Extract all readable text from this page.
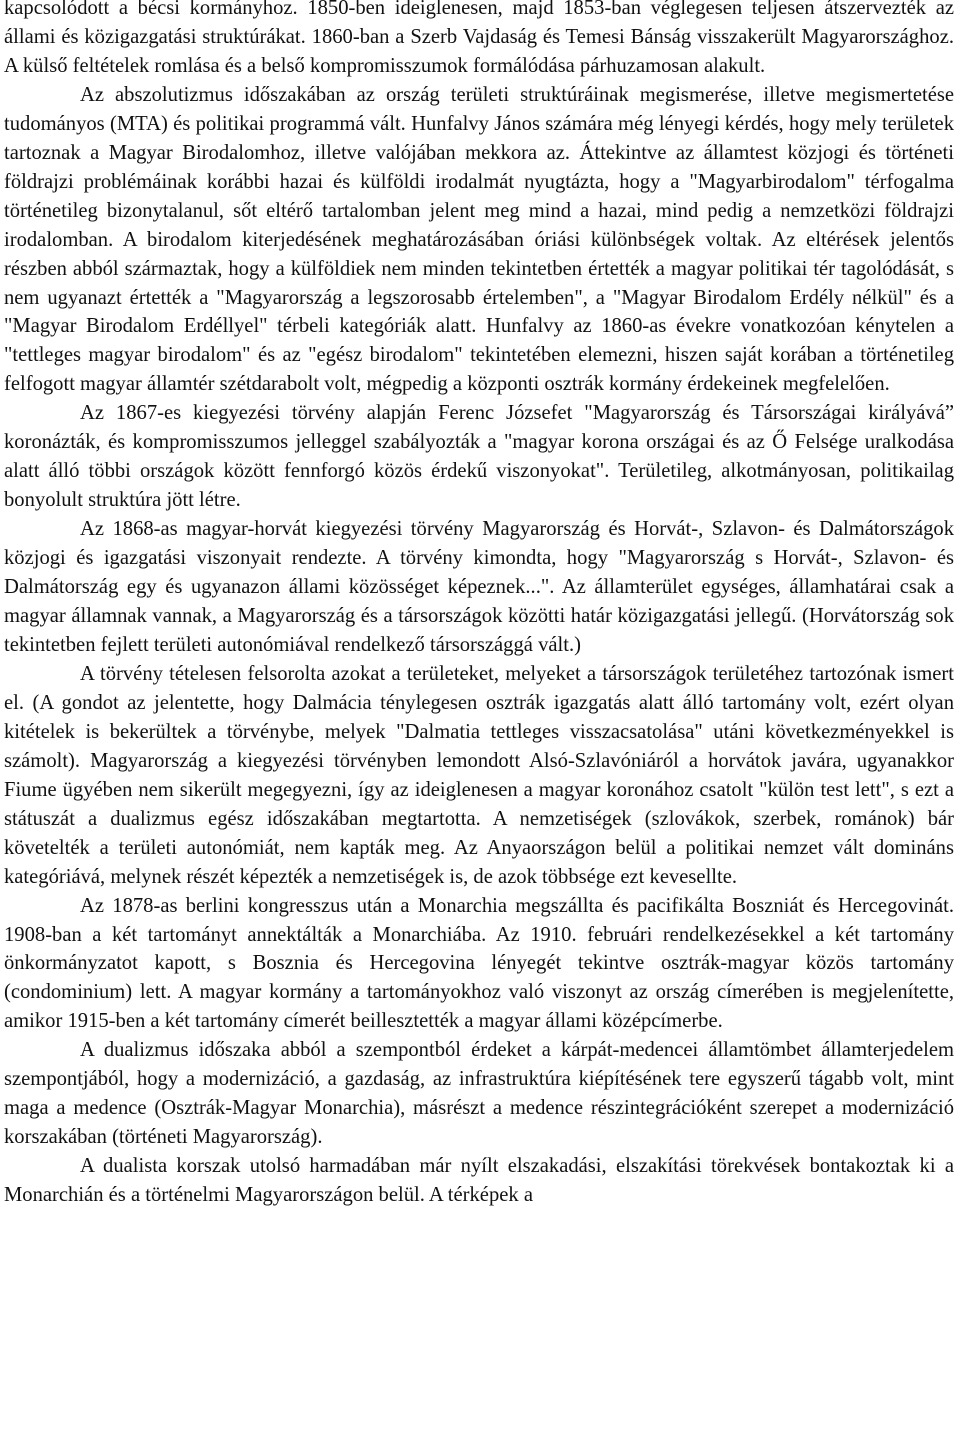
kapcsolódott a bécsi kormányhoz. 1850-ben ideiglenesen, majd 1853-ban véglegesen teljesen átszervezték az állami és közigazgatási struktúrákat. 1860-ban a Szerb Vajdaság és Temesi Bánság visszakerült Magyarországhoz. A külső feltételek romlása és a belső kompromisszumok formálódása párhuzamosan alakult.

Az abszolutizmus időszakában az ország területi struktúráinak megismerése, illetve megismertetése tudományos (MTA) és politikai programmá vált. Hunfalvy János számára még lényegi kérdés, hogy mely területek tartoznak a Magyar Birodalomhoz, illetve valójában mekkora az. Áttekintve az államtest közjogi és történeti földrajzi problémáinak korábbi hazai és külföldi irodalmát nyugtázta, hogy a "Magyarbirodalom" térfogalma történetileg bizonytalanul, sőt eltérő tartalomban jelent meg mind a hazai, mind pedig a nemzetközi földrajzi irodalomban. A birodalom kiterjedésének meghatározásában óriási különbségek voltak. Az eltérések jelentős részben abból származtak, hogy a külföldiek nem minden tekintetben értették a magyar politikai tér tagolódását, s nem ugyanazt értették a "Magyarország a legszorosabb értelemben", a "Magyar Birodalom Erdély nélkül" és a "Magyar Birodalom Erdéllyel" térbeli kategóriák alatt. Hunfalvy az 1860-as évekre vonatkozóan kénytelen a "tettleges magyar birodalom" és az "egész birodalom" tekintetében elemezni, hiszen saját korában a történetileg felfogott magyar államtér szétdarabolt volt, mégpedig a központi osztrák kormány érdekeinek megfelelően.

Az 1867-es kiegyezési törvény alapján Ferenc Józsefet "Magyarország és Társországai királyává” koronázták, és kompromisszumos jelleggel szabályozták a "magyar korona országai és az Ő Felsége uralkodása alatt álló többi országok között fennforgó közös érdekű viszonyokat". Területileg, alkotmányosan, politikailag bonyolult struktúra jött létre.

Az 1868-as magyar-horvát kiegyezési törvény Magyarország és Horvát-, Szlavon- és Dalmátországok közjogi és igazgatási viszonyait rendezte. A törvény kimondta, hogy "Magyarország s Horvát-, Szlavon- és Dalmátország egy és ugyanazon állami közösséget képeznek...". Az államterület egységes, államhatárai csak a magyar államnak vannak, a Magyarország és a társországok közötti határ közigazgatási jellegű. (Horvátország sok tekintetben fejlett területi autonómiával rendelkező társországgá vált.)

A törvény tételesen felsorolta azokat a területeket, melyeket a társországok területéhez tartozónak ismert el. (A gondot az jelentette, hogy Dalmácia ténylegesen osztrák igazgatás alatt álló tartomány volt, ezért olyan kitételek is bekerültek a törvénybe, melyek "Dalmatia tettleges visszacsatolása" utáni következményekkel is számolt). Magyarország a kiegyezési törvényben lemondott Alsó-Szlavóniáról a horvátok javára, ugyanakkor Fiume ügyében nem sikerült megegyezni, így az ideiglenesen a magyar koronához csatolt "külön test lett", s ezt a státuszát a dualizmus egész időszakában megtartotta. A nemzetiségek (szlovákok, szerbek, románok) bár követelték a területi autonómiát, nem kapták meg. Az Anyaországon belül a politikai nemzet vált domináns kategóriává, melynek részét képezték a nemzetiségek is, de azok többsége ezt kevesellte.

Az 1878-as berlini kongresszus után a Monarchia megszállta és pacifikálta Boszniát és Hercegovinát. 1908-ban a két tartományt annektálták a Monarchiába. Az 1910. februári rendelkezésekkel a két tartomány önkormányzatot kapott, s Bosznia és Hercegovina lényegét tekintve osztrák-magyar közös tartomány (condominium) lett. A magyar kormány a tartományokhoz való viszonyt az ország címerében is megjelenítette, amikor 1915-ben a két tartomány címerét beillesztették a magyar állami középcímerbe.

A dualizmus időszaka abból a szempontból érdeket a kárpát-medencei államtömbet államterjedelem szempontjából, hogy a modernizáció, a gazdaság, az infrastruktúra kiépítésének tere egyszerű tágabb volt, mint maga a medence (Osztrák-Magyar Monarchia), másrészt a medence részintegrációként szerepet a modernizáció korszakában (történeti Magyarország).

A dualista korszak utolsó harmadában már nyílt elszakadási, elszakítási törekvések bontakoztak ki a Monarchián és a történelmi Magyarországon belül. A térképek a
